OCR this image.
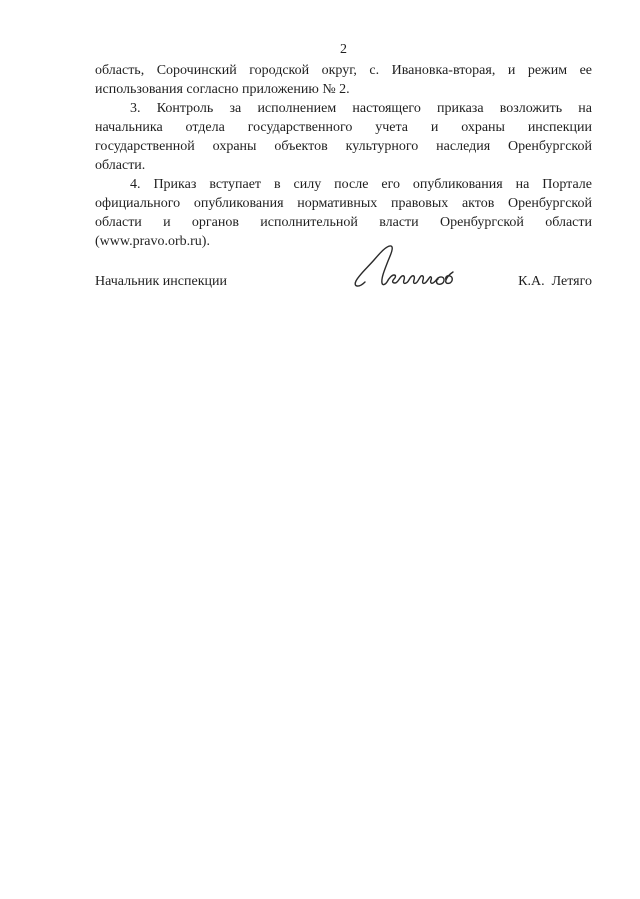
2
область, Сорочинский городской округ, с. Ивановка-вторая, и режим ее
использования согласно приложению № 2.
3. Контроль за исполнением настоящего приказа возложить на
начальника отдела государственного учета и охраны инспекции
государственной охраны объектов культурного наследия Оренбургской
области.
4. Приказ вступает в силу после его опубликования на Портале
официального опубликования нормативных правовых актов Оренбургской
области и органов исполнительной власти Оренбургской области
(www.pravo.orb.ru).
Начальник инспекции	К.А.  Летяго
